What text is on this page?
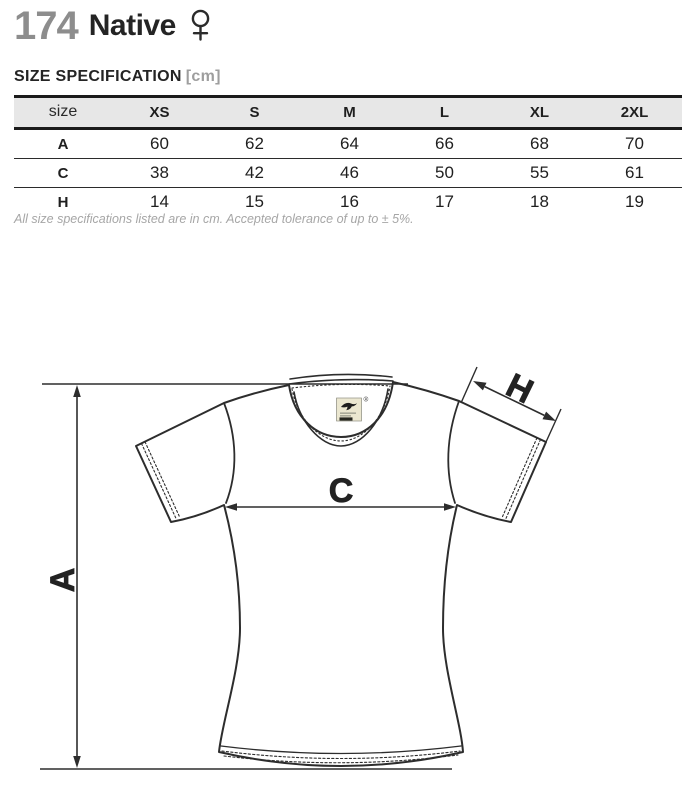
174 Native
SIZE SPECIFICATION [cm]
size	XS	S	M	L	XL	2XL
A	60	62	64	66	68	70
C	38	42	46	50	55	61
H	14	15	16	17	18	19
All size specifications listed are in cm. Accepted tolerance of up to ± 5%.
®
A
C
H
